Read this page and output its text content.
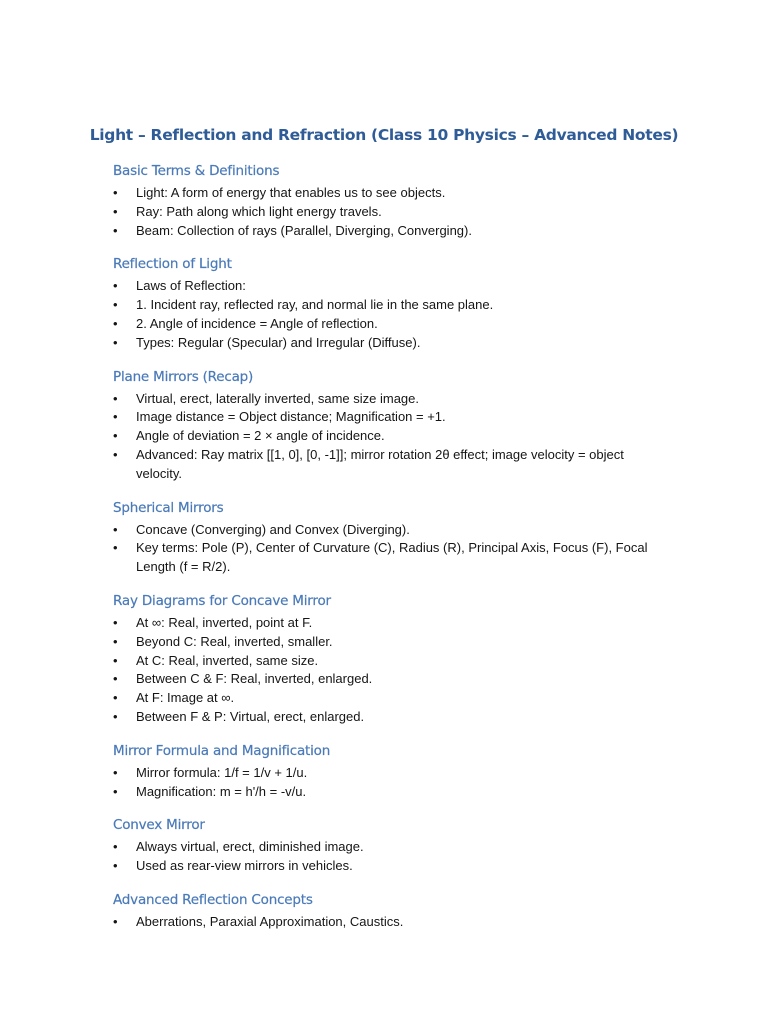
Light – Reflection and Refraction (Class 10 Physics – Advanced Notes)
Basic Terms & Definitions
•	Light: A form of energy that enables us to see objects.
•	Ray: Path along which light energy travels.
•	Beam: Collection of rays (Parallel, Diverging, Converging).
Reflection of Light
•	Laws of Reflection:
•	1. Incident ray, reflected ray, and normal lie in the same plane.
•	2. Angle of incidence = Angle of reflection.
•	Types: Regular (Specular) and Irregular (Diffuse).
Plane Mirrors (Recap)
•	Virtual, erect, laterally inverted, same size image.
•	Image distance = Object distance; Magnification = +1.
•	Angle of deviation = 2 × angle of incidence.
•	Advanced: Ray matrix [[1, 0], [0, -1]]; mirror rotation 2θ effect; image velocity = object velocity.
Spherical Mirrors
•	Concave (Converging) and Convex (Diverging).
•	Key terms: Pole (P), Center of Curvature (C), Radius (R), Principal Axis, Focus (F), Focal Length (f = R/2).
Ray Diagrams for Concave Mirror
•	At ∞: Real, inverted, point at F.
•	Beyond C: Real, inverted, smaller.
•	At C: Real, inverted, same size.
•	Between C & F: Real, inverted, enlarged.
•	At F: Image at ∞.
•	Between F & P: Virtual, erect, enlarged.
Mirror Formula and Magnification
•	Mirror formula: 1/f = 1/v + 1/u.
•	Magnification: m = h'/h = -v/u.
Convex Mirror
•	Always virtual, erect, diminished image.
•	Used as rear-view mirrors in vehicles.
Advanced Reflection Concepts
•	Aberrations, Paraxial Approximation, Caustics.
